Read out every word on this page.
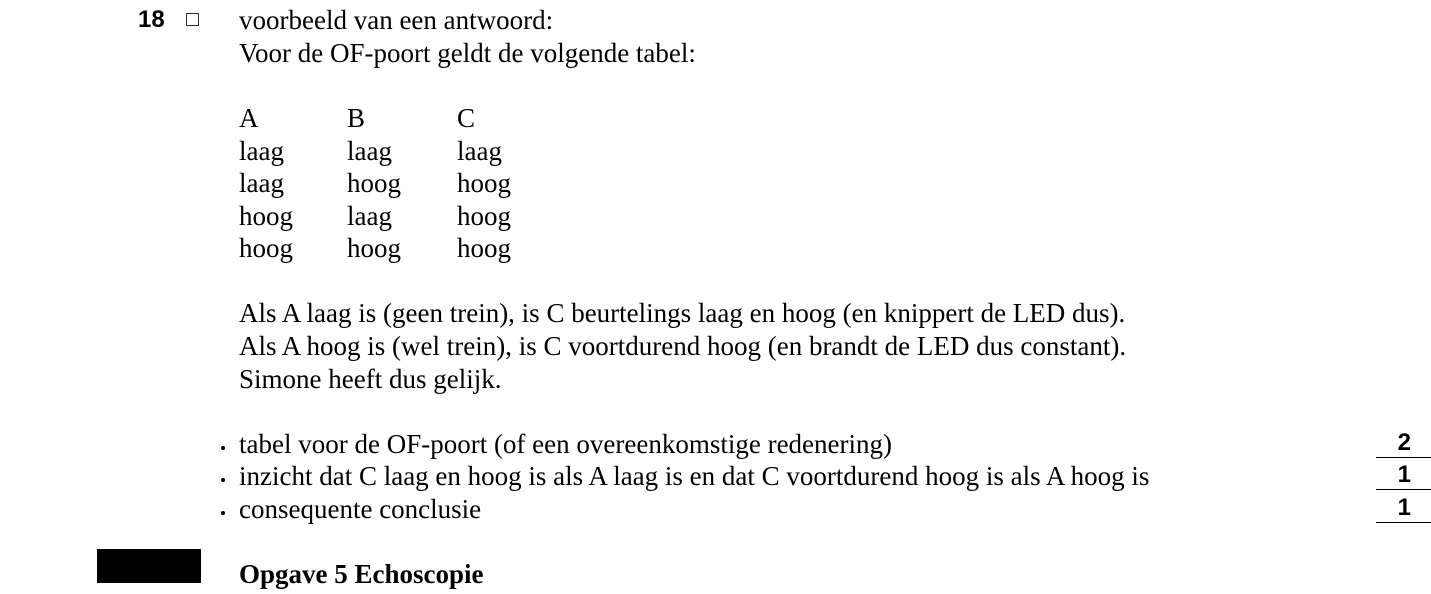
18	voorbeeld van een antwoord:
Voor de OF-poort geldt de volgende tabel:
A	B	C
laag laag laag
laag hoog hoog
hoog laag hoog
hoog hoog hoog
Als A laag is (geen trein), is C beurtelings laag en hoog (en knippert de LED dus).
Als A hoog is (wel trein), is C voortdurend hoog (en brandt de LED dus constant).
Simone heeft dus gelijk.
tabel voor de OF-poort (of een overeenkomstige redenering)	2
inzicht dat C laag en hoog is als A laag is en dat C voortdurend hoog is als A hoog is	1
consequente conclusie	1
Opgave 5 Echoscopie
